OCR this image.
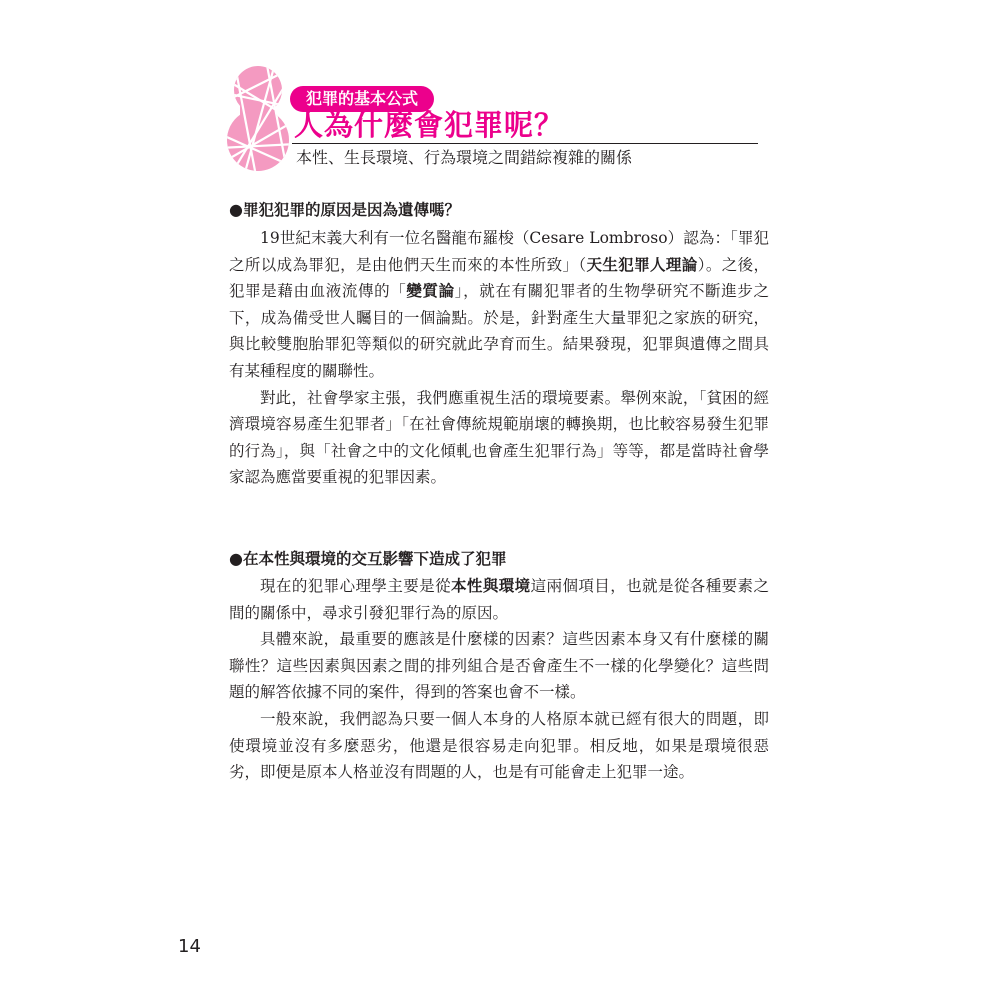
犯罪的基本公式
人為什麼會犯罪呢？

本性、生長環境、行為環境之間錯綜複雜的關係

●罪犯犯罪的原因是因為遺傳嗎？

19世紀末義大利有一位名醫龍布羅梭（Cesare Lombroso）認為：「罪犯之所以成為罪犯，是由他們天生而來的本性所致」（天生犯罪人理論）。之後，犯罪是藉由血液流傳的「變質論」，就在有關犯罪者的生物學研究不斷進步之下，成為備受世人矚目的一個論點。於是，針對產生大量罪犯之家族的研究，與比較雙胞胎罪犯等類似的研究就此孕育而生。結果發現，犯罪與遺傳之間具有某種程度的關聯性。

對此，社會學家主張，我們應重視生活的環境要素。舉例來說，「貧困的經濟環境容易產生犯罪者」「在社會傳統規範崩壞的轉換期，也比較容易發生犯罪的行為」，與「社會之中的文化傾軋也會產生犯罪行為」等等，都是當時社會學家認為應當要重視的犯罪因素。

●在本性與環境的交互影響下造成了犯罪

現在的犯罪心理學主要是從本性與環境這兩個項目，也就是從各種要素之間的關係中，尋求引發犯罪行為的原因。

具體來說，最重要的應該是什麼樣的因素？這些因素本身又有什麼樣的關聯性？這些因素與因素之間的排列組合是否會產生不一樣的化學變化？這些問題的解答依據不同的案件，得到的答案也會不一樣。

一般來說，我們認為只要一個人本身的人格原本就已經有很大的問題，即使環境並沒有多麼惡劣，他還是很容易走向犯罪。相反地，如果是環境很惡劣，即便是原本人格並沒有問題的人，也是有可能會走上犯罪一途。

14
